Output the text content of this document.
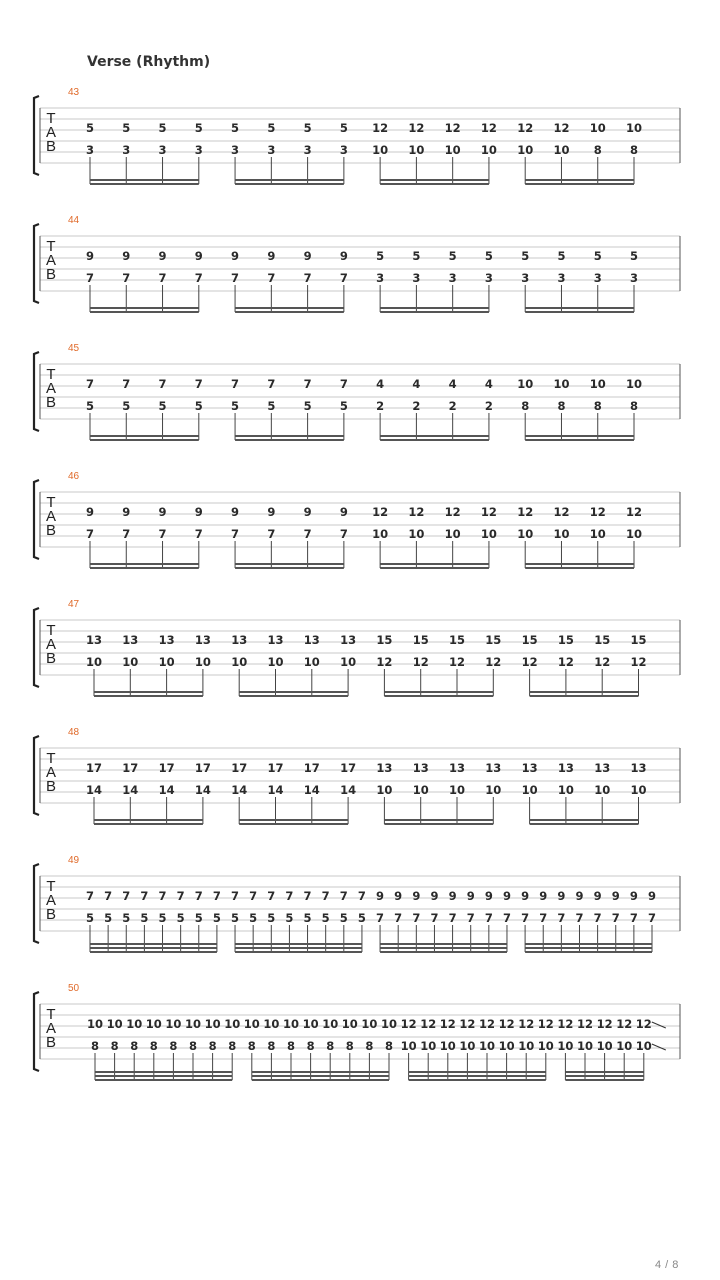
Verse (Rhythm)
T
A
B
43
5
3
5
3
5
3
5
3
5
3
5
3
5
3
5
3
12
10
12
10
12
10
12
10
12
10
12
10
10
8
10
8
T
A
B
44
9
7
9
7
9
7
9
7
9
7
9
7
9
7
9
7
5
3
5
3
5
3
5
3
5
3
5
3
5
3
5
3
T
A
B
45
7
5
7
5
7
5
7
5
7
5
7
5
7
5
7
5
4
2
4
2
4
2
4
2
10
8
10
8
10
8
10
8
T
A
B
46
9
7
9
7
9
7
9
7
9
7
9
7
9
7
9
7
12
10
12
10
12
10
12
10
12
10
12
10
12
10
12
10
T
A
B
47
13
10
13
10
13
10
13
10
13
10
13
10
13
10
13
10
15
12
15
12
15
12
15
12
15
12
15
12
15
12
15
12
T
A
B
48
17
14
17
14
17
14
17
14
17
14
17
14
17
14
17
14
13
10
13
10
13
10
13
10
13
10
13
10
13
10
13
10
T
A
B
49
7
5
7
5
7
5
7
5
7
5
7
5
7
5
7
5
7
5
7
5
7
5
7
5
7
5
7
5
7
5
7
5
9
7
9
7
9
7
9
7
9
7
9
7
9
7
9
7
9
7
9
7
9
7
9
7
9
7
9
7
9
7
9
7
T
A
B
50
10
8
10
8
10
8
10
8
10
8
10
8
10
8
10
8
10
8
10
8
10
8
10
8
10
8
10
8
10
8
10
8
12
10
12
10
12
10
12
10
12
10
12
10
12
10
12
10
12
10
12
10
12
10
12
10
12
10
4 / 8
